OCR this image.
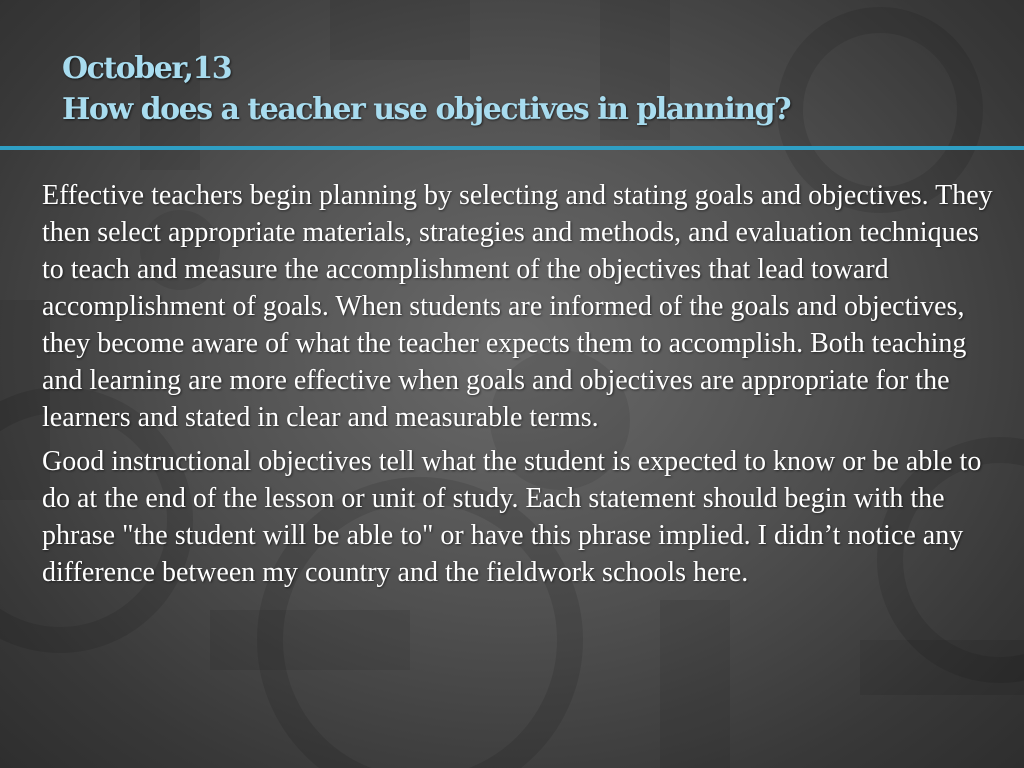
October,13
How does a teacher use objectives in planning?

Effective teachers begin planning by selecting and stating goals and objectives. They then select appropriate materials, strategies and methods, and evaluation techniques to teach and measure the accomplishment of the objectives that lead toward accomplishment of goals. When students are informed of the goals and objectives, they become aware of what the teacher expects them to accomplish. Both teaching and learning are more effective when goals and objectives are appropriate for the learners and stated in clear and measurable terms.

Good instructional objectives tell what the student is expected to know or be able to do at the end of the lesson or unit of study. Each statement should begin with the phrase "the student will be able to" or have this phrase implied. I didn’t notice any difference between my country and the fieldwork schools here.
